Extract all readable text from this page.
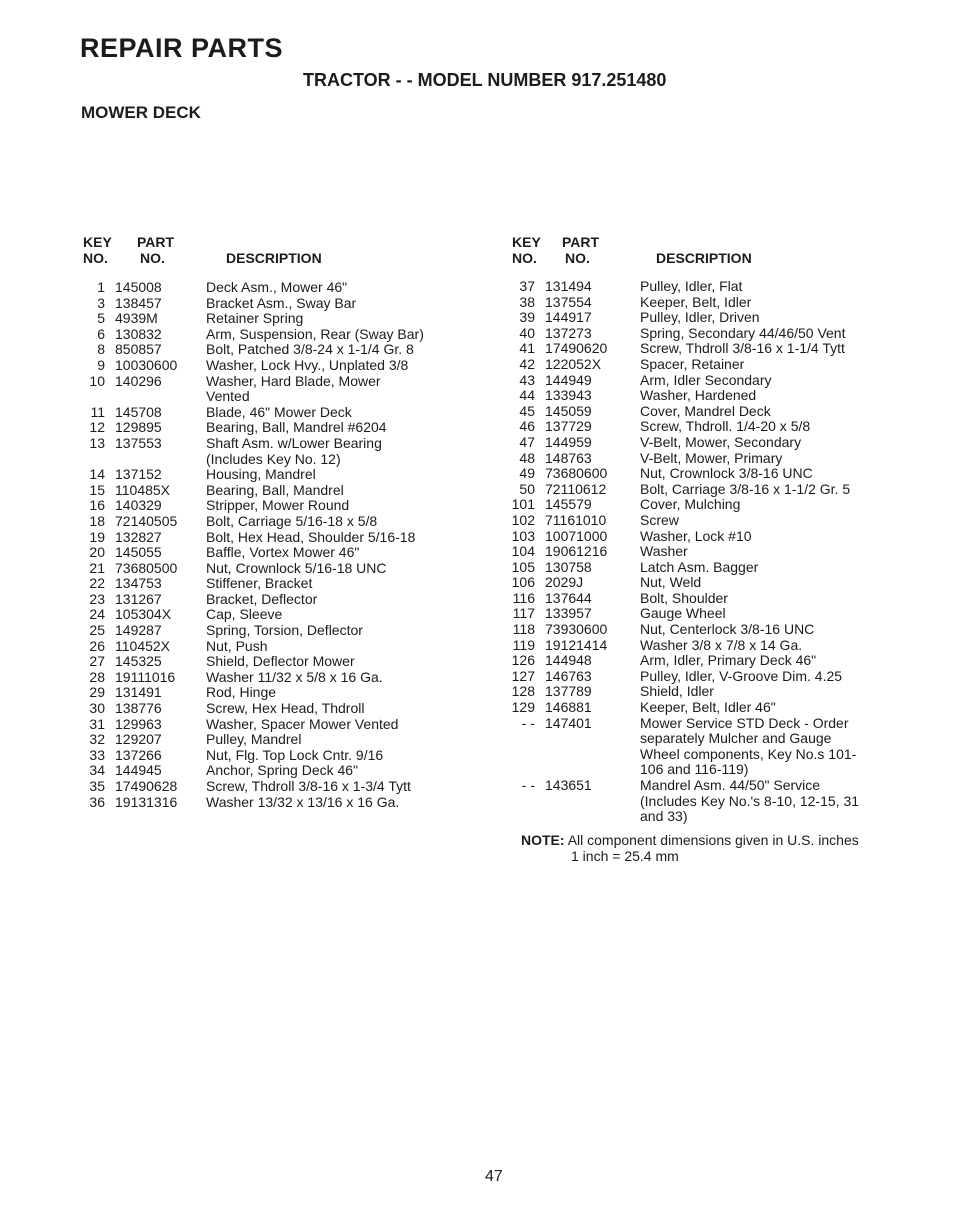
REPAIR PARTS
TRACTOR - - MODEL NUMBER 917.251480
MOWER DECK
KEY
NO.
PART
NO.	DESCRIPTION
KEY
NO.
PART
NO.	DESCRIPTION
1 145008	Deck Asm., Mower 46"
3 138457	Bracket Asm., Sway Bar
5 4939M	Retainer Spring
6 130832	Arm, Suspension, Rear (Sway Bar)
8 850857	Bolt, Patched 3/8-24 x 1-1/4 Gr. 8
9 10030600	Washer, Lock Hvy., Unplated 3/8
10 140296	Washer, Hard Blade, Mower
Vented
11 145708	Blade, 46" Mower Deck
12 129895	Bearing, Ball, Mandrel #6204
13 137553	Shaft Asm. w/Lower Bearing
(Includes Key No. 12)
14 137152	Housing, Mandrel
15 110485X	Bearing, Ball, Mandrel
16 140329	Stripper, Mower Round
18 72140505	Bolt, Carriage 5/16-18 x 5/8
19 132827	Bolt, Hex Head, Shoulder 5/16-18
20 145055	Baffle, Vortex Mower 46"
21 73680500	Nut, Crownlock 5/16-18 UNC
22 134753	Stiffener, Bracket
23 131267	Bracket, Deflector
24 105304X	Cap, Sleeve
25 149287	Spring, Torsion, Deflector
26 110452X	Nut, Push
27 145325	Shield, Deflector Mower
28 19111016	Washer 11/32 x 5/8 x 16 Ga.
29 131491	Rod, Hinge
30 138776	Screw, Hex Head, Thdroll
31 129963	Washer, Spacer Mower Vented
32 129207	Pulley, Mandrel
33 137266	Nut, Flg. Top Lock Cntr. 9/16
34 144945	Anchor, Spring Deck 46"
35 17490628	Screw, Thdroll 3/8-16 x 1-3/4 Tytt
36 19131316	Washer 13/32 x 13/16 x 16 Ga.
37 131494	Pulley, Idler, Flat
38 137554	Keeper, Belt, Idler
39 144917	Pulley, Idler, Driven
40 137273	Spring, Secondary 44/46/50 Vent
41 17490620	Screw, Thdroll 3/8-16 x 1-1/4 Tytt
42 122052X	Spacer, Retainer
43 144949	Arm, Idler Secondary
44 133943	Washer, Hardened
45 145059	Cover, Mandrel Deck
46 137729	Screw, Thdroll. 1/4-20 x 5/8
47 144959	V-Belt, Mower, Secondary
48 148763	V-Belt, Mower, Primary
49 73680600	Nut, Crownlock 3/8-16 UNC
50 72110612	Bolt, Carriage 3/8-16 x 1-1/2 Gr. 5
101 145579	Cover, Mulching
102 71161010	Screw
103 10071000	Washer, Lock #10
104 19061216	Washer
105 130758	Latch Asm. Bagger
106 2029J	Nut, Weld
116 137644	Bolt, Shoulder
117 133957	Gauge Wheel
118 73930600	Nut, Centerlock 3/8-16 UNC
119 19121414	Washer 3/8 x 7/8 x 14 Ga.
126 144948	Arm, Idler, Primary Deck 46"
127 146763	Pulley, Idler, V-Groove Dim. 4.25
128 137789	Shield, Idler
129 146881	Keeper, Belt, Idler 46"
- - 147401	Mower Service STD Deck - Order
separately Mulcher and Gauge
Wheel components, Key No.s 101-
106 and 116-119)
- - 143651	Mandrel Asm. 44/50" Service
(Includes Key No.'s 8-10, 12-15, 31
and 33)
NOTE: All component dimensions given in U.S. inches
1 inch = 25.4 mm
47
